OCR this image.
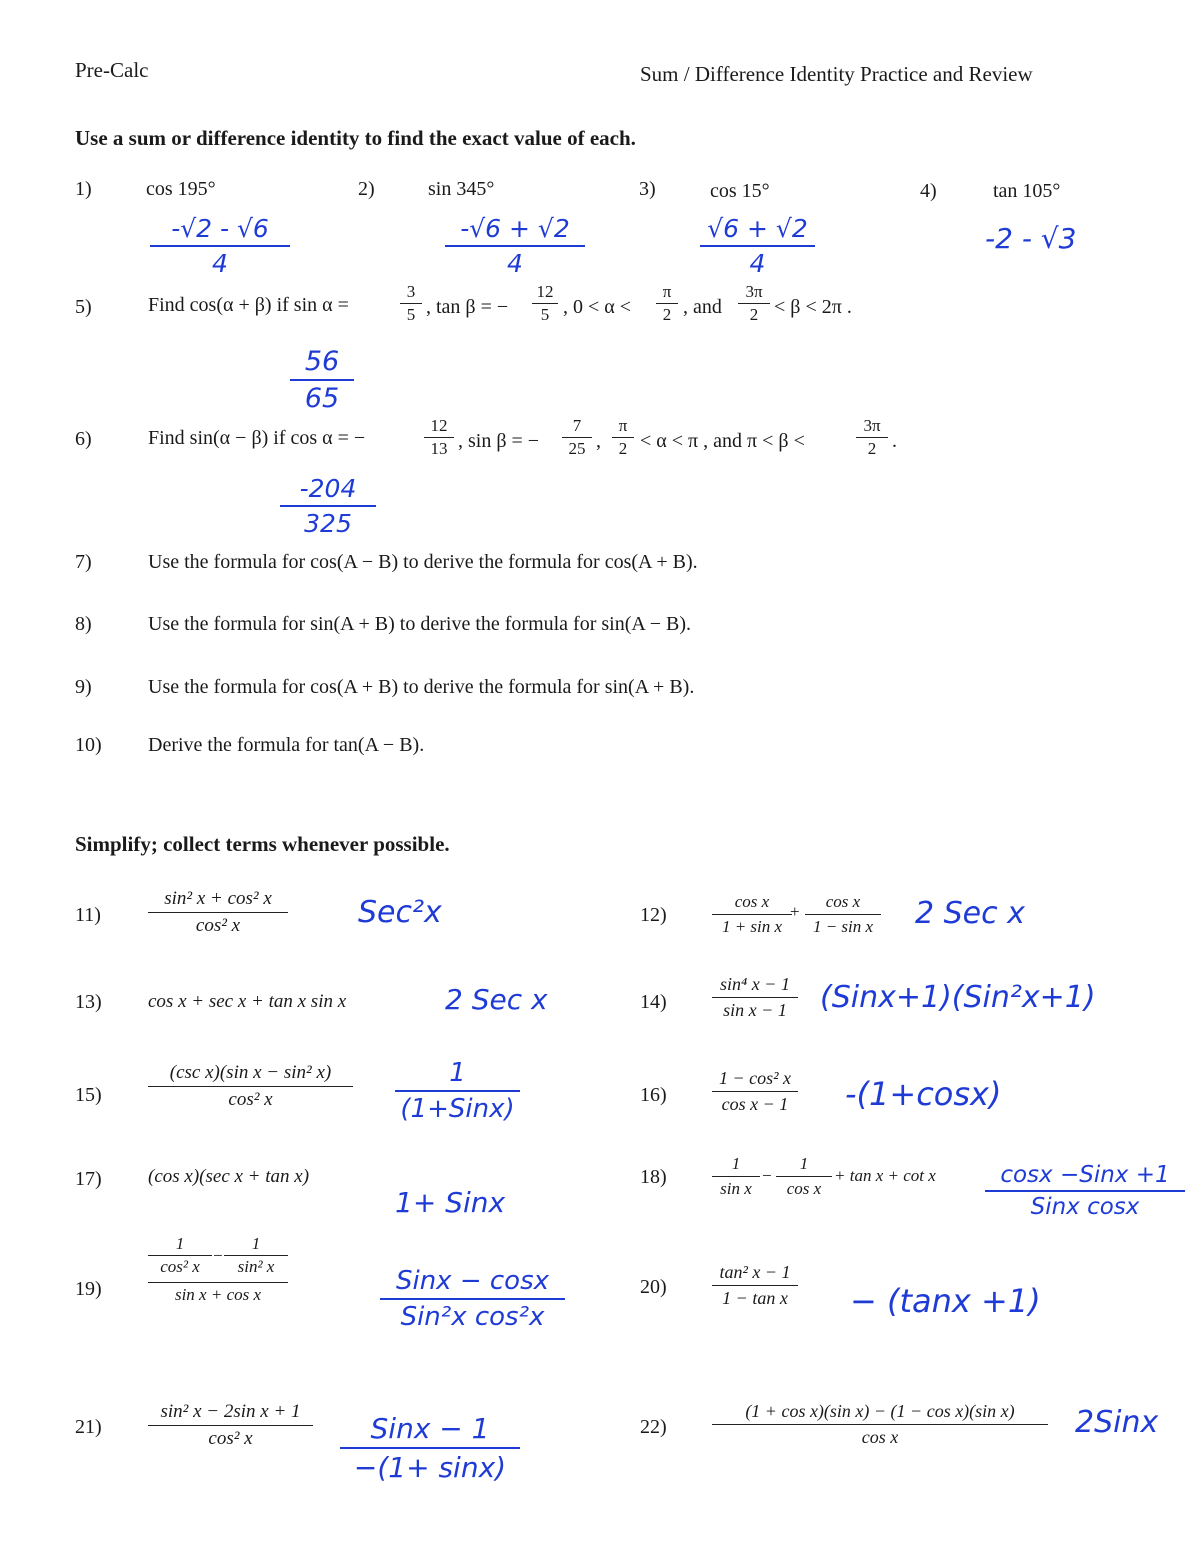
Pre-Calc	Sum / Difference Identity Practice and Review
Use a sum or difference identity to find the exact value of each.
1)	cos 195°
-√2 - √6
4
2)	sin 345°
-√6 + √2
4
3)	cos 15°
√6 + √2
4
4)	tan 105°
-2 - √3
5)	Find cos(α + β) if sin α =
3
5 , tan β = −
12
5 , 0 < α <
π
2 , and
3π
2 < β < 2π .
56
65
6)	Find sin(α − β) if cos α = −
12
13 , sin β = −
7
25 ,
π
2 < α < π , and π < β <
3π
2 .
-204
325
7)	Use the formula for cos(A − B) to derive the formula for cos(A + B).
8)	Use the formula for sin(A + B) to derive the formula for sin(A − B).
9)	Use the formula for cos(A + B) to derive the formula for sin(A + B).
10) Derive the formula for tan(A − B).
Simplify; collect terms whenever possible.
11)
sin² x + cos² x
cos² x	Sec²x	12)
cos x
1 + sin x
+
cos x
1 − sin x 2 Sec x
13) cos x + sec x + tan x sin x	2 Sec x	14)
sin⁴ x − 1
sin x − 1	(Sinx+1)(Sin²x+1)
15)
(csc x)(sin x − sin² x)
cos² x
1
(1+Sinx)	16)
1 − cos² x
cos x − 1	-(1+cosx)
17) (cos x)(sec x + tan x)
1+ Sinx
18)
1
sin x
−
1
cos x
+ tan x + cot x	cosx −Sinx +1
Sinx cosx
19)
1
cos² x
−
1
sin² x
sin x + cos x	Sinx − cosx
Sin²x cos²x
20)
tan² x − 1
1 − tan x	− (tanx +1)
21)
sin² x − 2sin x + 1
cos² x	Sinx − 1
−(1+ sinx)
22)
(1 + cos x)(sin x) − (1 − cos x)(sin x)
cos x	2Sinx
